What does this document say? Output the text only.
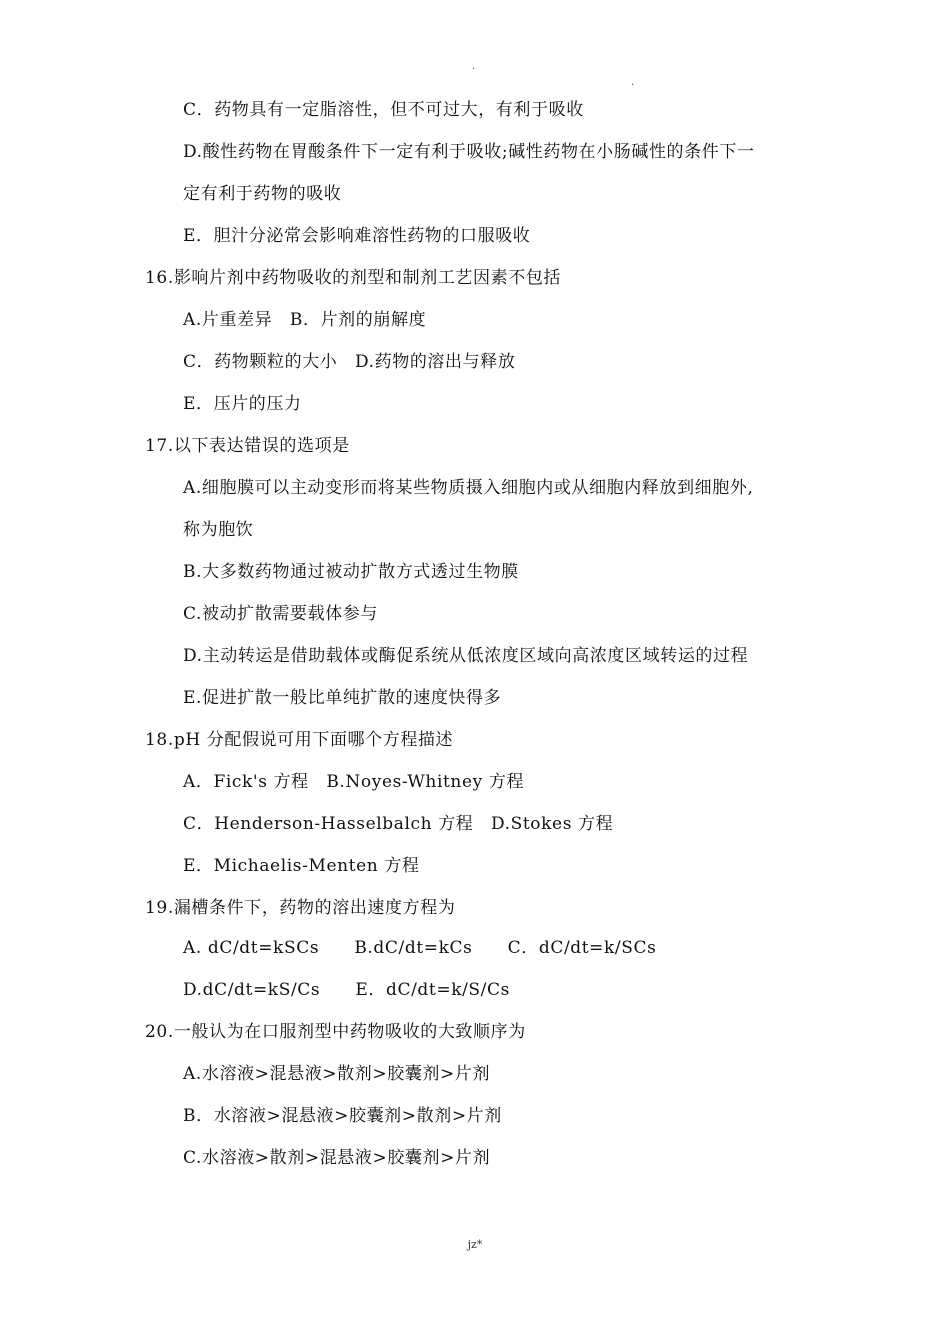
.
.
C．药物具有一定脂溶性，但不可过大，有利于吸收
D.酸性药物在胃酸条件下一定有利于吸收;碱性药物在小肠碱性的条件下一
定有利于药物的吸收
E．胆汁分泌常会影响难溶性药物的口服吸收
16.影响片剂中药物吸收的剂型和制剂工艺因素不包括
A.片重差异　B．片剂的崩解度
C．药物颗粒的大小　D.药物的溶出与释放
E．压片的压力
17.以下表达错误的选项是
A.细胞膜可以主动变形而将某些物质摄入细胞内或从细胞内释放到细胞外,
称为胞饮
B.大多数药物通过被动扩散方式透过生物膜
C.被动扩散需要载体参与
D.主动转运是借助载体或酶促系统从低浓度区域向高浓度区域转运的过程
E.促进扩散一般比单纯扩散的速度快得多
18.pH 分配假说可用下面哪个方程描述
A．Fick's 方程　B.Noyes-Whitney 方程
C．Henderson-Hasselbalch 方程　D.Stokes 方程
E．Michaelis-Menten 方程
19.漏槽条件下，药物的溶出速度方程为
A. dC/dt=kSCs　　B.dC/dt=kCs　　C．dC/dt=k/SCs
D.dC/dt=kS/Cs　　E．dC/dt=k/S/Cs
20.一般认为在口服剂型中药物吸收的大致顺序为
A.水溶液>混悬液>散剂>胶囊剂>片剂
B．水溶液>混悬液>胶囊剂>散剂>片剂
C.水溶液>散剂>混悬液>胶囊剂>片剂
jz*
